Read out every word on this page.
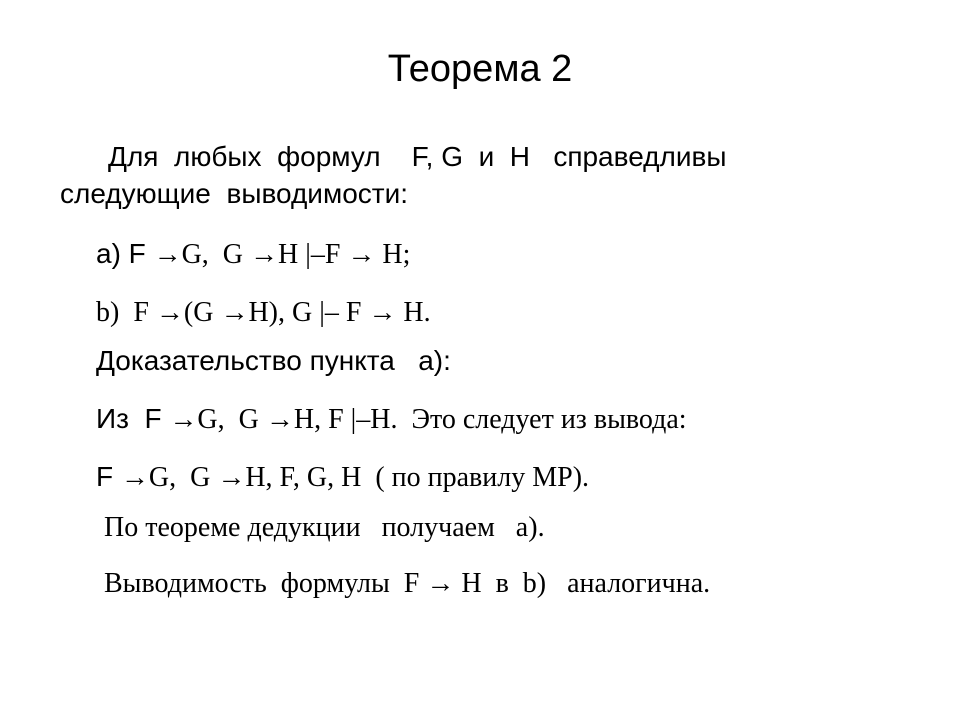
Теорема 2
Для  любых  формул    F, G  и  H   справедливы
следующие  выводимости:
а) F →G,  G →H |–F → H;
b)  F →(G →H), G |– F → H.
Доказательство пункта   а):
Из  F →G,  G →H, F |–H.  Это следует из вывода:
F →G,  G →H, F, G, H  ( по правилу МР).
По теореме дедукции   получаем   а).
Выводимость  формулы  F → H  в  b)   аналогична.
